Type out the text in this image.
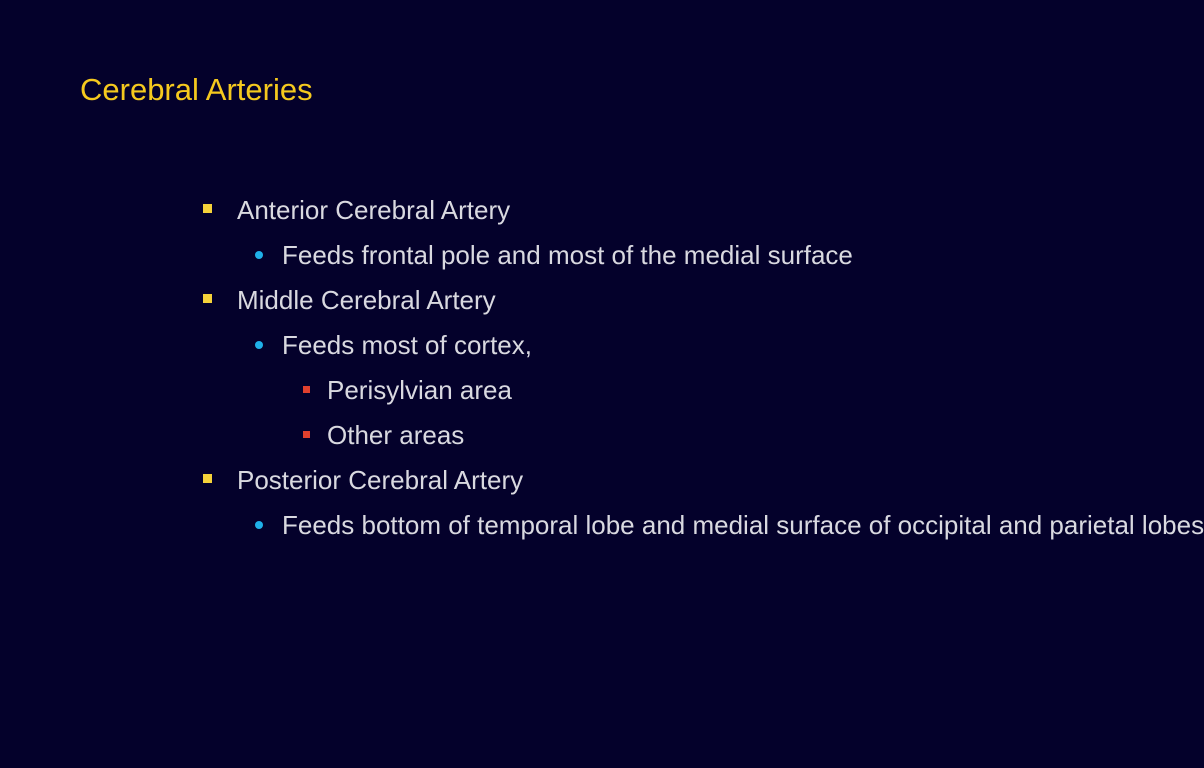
Cerebral Arteries
Anterior Cerebral Artery
Feeds frontal pole and most of the medial surface
Middle Cerebral Artery
Feeds most of cortex,
Perisylvian area
Other areas
Posterior Cerebral Artery
Feeds bottom of temporal lobe and medial surface of occipital and parietal lobes
